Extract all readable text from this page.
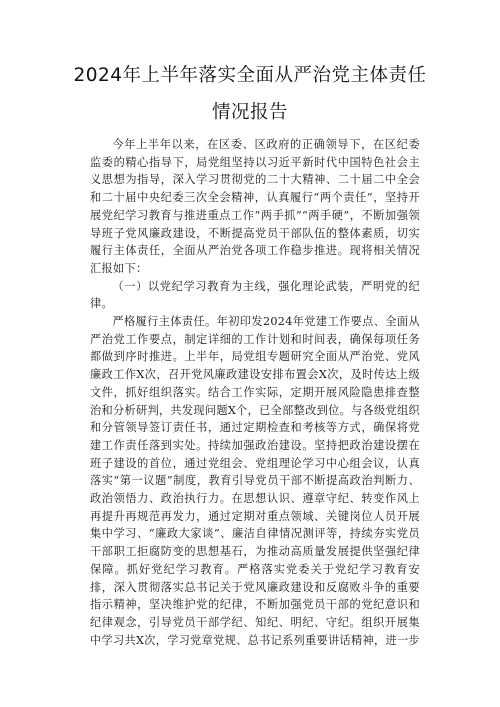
2024年上半年落实全面从严治党主体责任
情况报告

今年上半年以来，在区委、区政府的正确领导下，在区纪委监委的精心指导下，局党组坚持以习近平新时代中国特色社会主义思想为指导，深入学习贯彻党的二十大精神、二十届二中全会和二十届中央纪委三次全会精神，认真履行“两个责任”，坚持开展党纪学习教育与推进重点工作“两手抓”“两手硬”，不断加强领导班子党风廉政建设，不断提高党员干部队伍的整体素质，切实履行主体责任，全面从严治党各项工作稳步推进。现将相关情况汇报如下：

（一）以党纪学习教育为主线，强化理论武装，严明党的纪律。

严格履行主体责任。年初印发2024年党建工作要点、全面从严治党工作要点，制定详细的工作计划和时间表，确保每项任务都做到序时推进。上半年，局党组专题研究全面从严治党、党风廉政工作X次，召开党风廉政建设安排布置会X次，及时传达上级文件，抓好组织落实。结合工作实际，定期开展风险隐患排查整治和分析研判，共发现问题X个，已全部整改到位。与各级党组织和分管领导签订责任书，通过定期检查和考核等方式，确保将党建工作责任落到实处。持续加强政治建设。坚持把政治建设摆在班子建设的首位，通过党组会、党组理论学习中心组会议，认真落实“第一议题”制度，教育引导党员干部不断提高政治判断力、政治领悟力、政治执行力。在思想认识、遵章守纪、转变作风上再提升再规范再发力，通过定期对重点领域、关键岗位人员开展集中学习、“廉政大家谈”、廉洁自律情况测评等，持续夯实党员干部职工拒腐防变的思想基石，为推动高质量发展提供坚强纪律保障。抓好党纪学习教育。严格落实党委关于党纪学习教育安排，深入贯彻落实总书记关于党风廉政建设和反腐败斗争的重要指示精神，坚决维护党的纪律，不断加强党员干部的党纪意识和纪律观念，引导党员干部学纪、知纪、明纪、守纪。组织开展集中学习共X次，学习党章党规、总书记系列重要讲话精神，进一步
